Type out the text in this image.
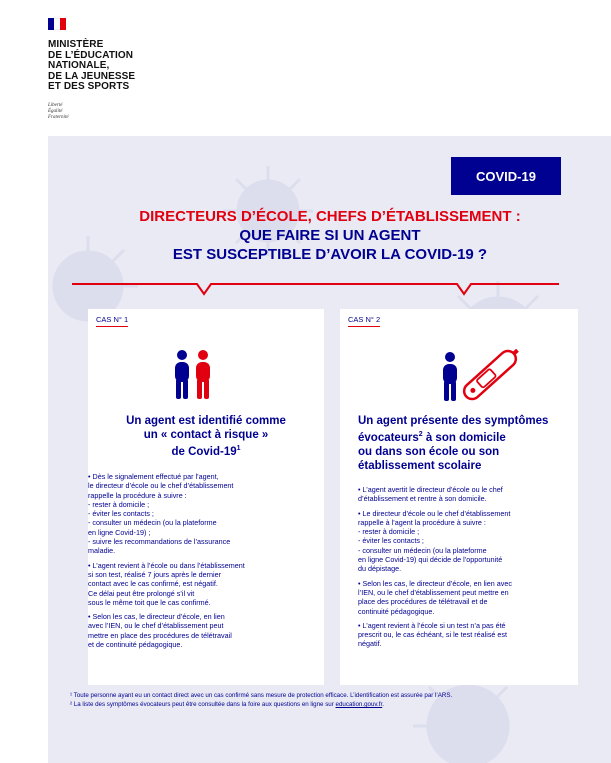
MINISTÈRE
DE L’ÉDUCATION
NATIONALE,
DE LA JEUNESSE
ET DES SPORTS
Liberté
Égalité
Fraternité
COVID-19
DIRECTEURS D’ÉCOLE, CHEFS D’ÉTABLISSEMENT :
QUE FAIRE SI UN AGENT
EST SUSCEPTIBLE D’AVOIR LA COVID-19 ?
CAS N° 1
Un agent est identifié comme
un « contact à risque »
de Covid-$19^1$

• Dès le signalement effectué par l’agent,
le directeur d’école ou le chef d’établissement
rappelle la procédure à suivre :
- rester à domicile ;
- éviter les contacts ;
- consulter un médecin (ou la plateforme
en ligne Covid-19) ;
- suivre les recommandations de l’assurance
maladie.

• L’agent revient à l’école ou dans l’établissement
si son test, réalisé 7 jours après le dernier
contact avec le cas confirmé, est négatif.
Ce délai peut être prolongé s’il vit
sous le même toit que le cas confirmé.

• Selon les cas, le directeur d’école, en lien
avec l’IEN, ou le chef d’établissement peut
mettre en place des procédures de télétravail
et de continuité pédagogique.

CAS N° 2
Un agent présente des symptômes
évocateurs$^2$ à son domicile
ou dans son école ou son
établissement scolaire

• L’agent avertit le directeur d’école ou le chef
d’établissement et rentre à son domicile.

• Le directeur d’école ou le chef d’établissement
rappelle à l’agent la procédure à suivre :
- rester à domicile ;
- éviter les contacts ;
- consulter un médecin (ou la plateforme
en ligne Covid-19) qui décide de l’opportunité
du dépistage.

• Selon les cas, le directeur d’école, en lien avec
l’IEN, ou le chef d’établissement peut mettre en
place des procédures de télétravail et de
continuité pédagogique.

• L’agent revient à l’école si un test n’a pas été
prescrit ou, le cas échéant, si le test réalisé est
négatif.

¹ Toute personne ayant eu un contact direct avec un cas confirmé sans mesure de protection efficace. L’identification est assurée par l’ARS.
² La liste des symptômes évocateurs peut être consultée dans la foire aux questions en ligne sur education.gouv.fr.
